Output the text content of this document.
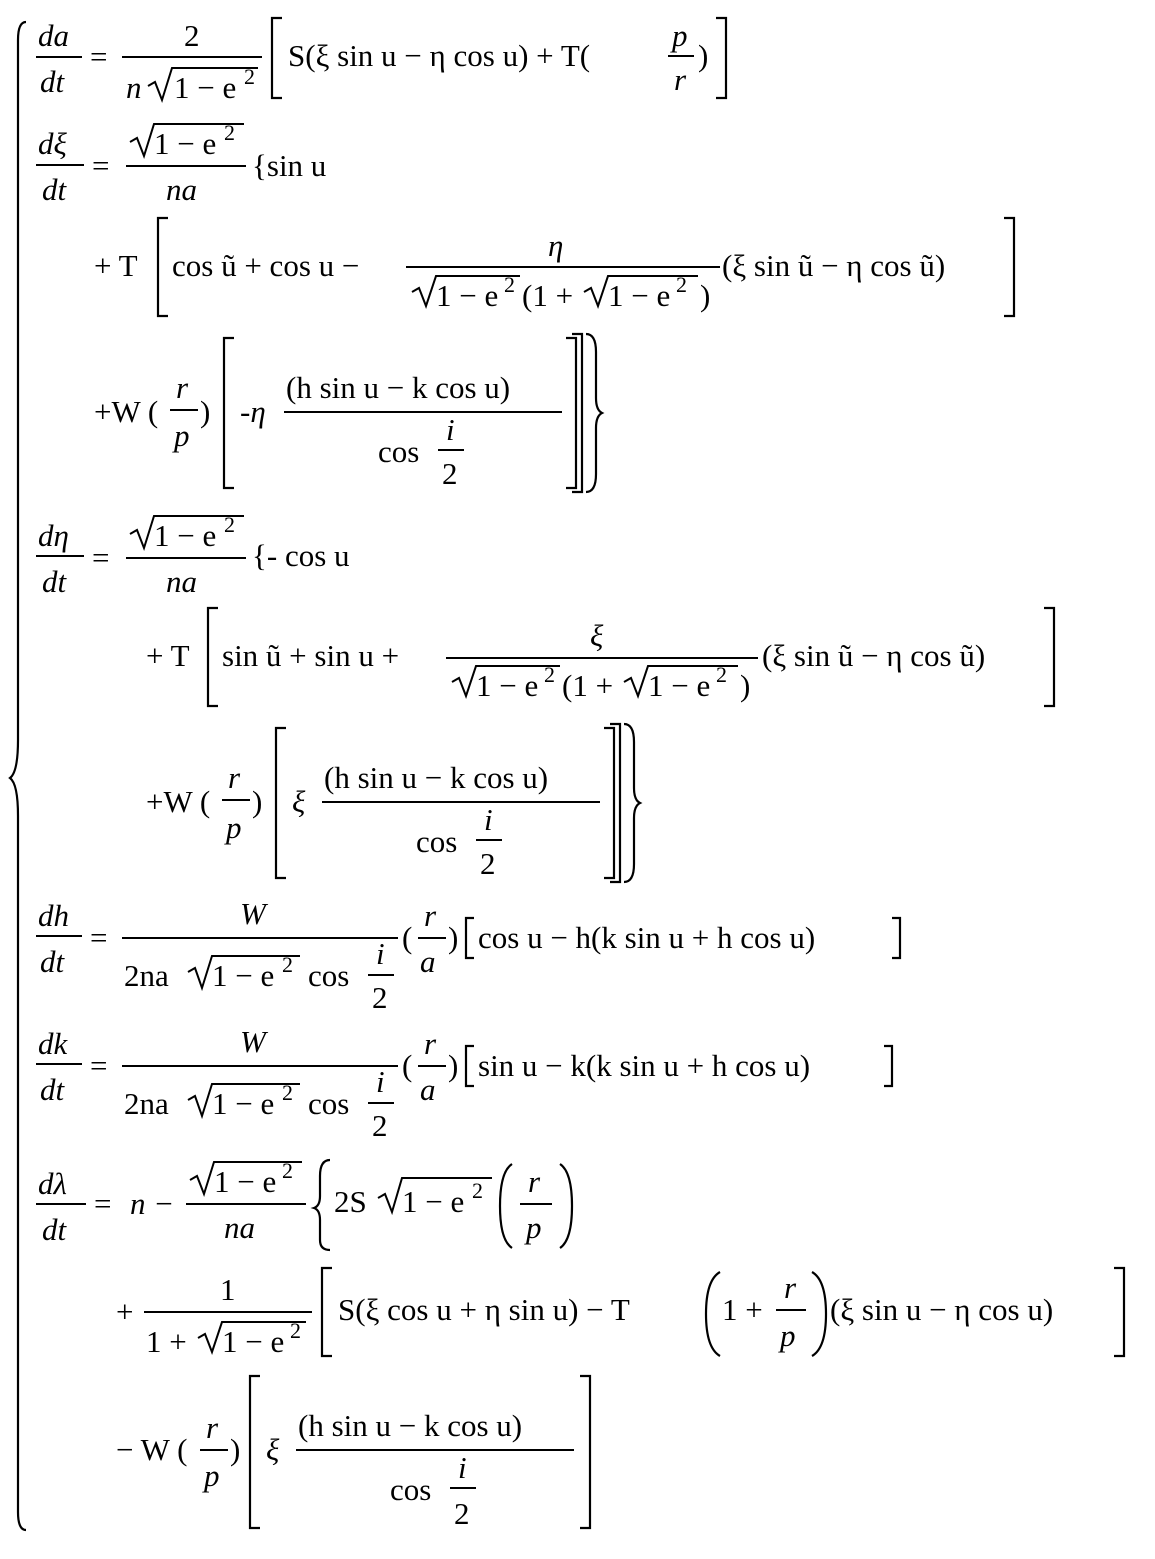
da
dt
=
2
n 1 − e 2
S(ξ sin u − η cos u) + T(
p
r
)
dξ
dt
=
1 − e 2
na
{sin u
+ T cos ũ + cos u −
η
1 − e 2 (1 + 1 − e 2 )
(ξ sin ũ − η cos ũ)
+W (
r
p
) -η
(h sin u − k cos u)
cos
i
2
dη
dt
=
1 − e 2
na
{- cos u
+ T sin ũ + sin u +
ξ
1 − e 2 (1 + 1 − e 2 )
(ξ sin ũ − η cos ũ)
+W (
r
p
) ξ
(h sin u − k cos u)
cos
i
2
dh
dt
=
W
2na 1 − e 2 cos
i
2
(
r
a
) cos u − h(k sin u + h cos u)
dk
dt
=
W
2na 1 − e 2 cos
i
2
(
r
a
) sin u − k(k sin u + h cos u)
dλ
dt
= n −
1 − e 2
na
2S 1 − e 2 r
p
+
1
1 + 1 − e 2
S(ξ cos u + η sin u) − T	1 +
r
p
(ξ sin u − η cos u)
− W (
r
p
) ξ
(h sin u − k cos u)
cos
i
2
